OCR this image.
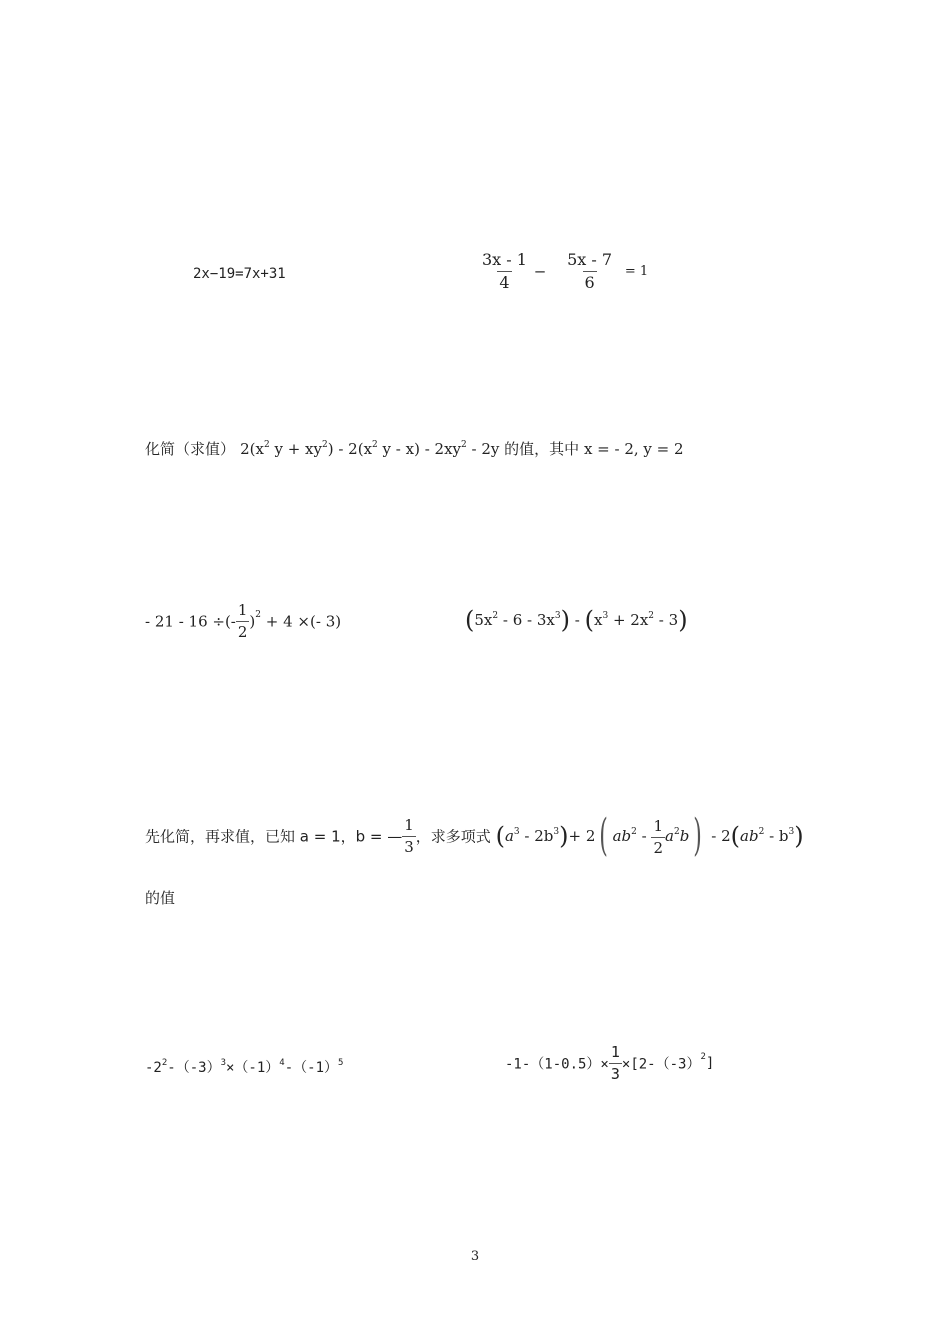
2x−19=7x+31	$\frac{3x - 1}{4} - \frac{5x - 7}{6} = 1$
化简（求值） $2(x^2$ $y + xy^2) - 2(x^2$ y - $x) - 2xy^2 - 2y$ 的值，其中 x = - 2, y = 2
- 21 - 16 ÷(- $\frac{1}{2} )^2 + 4$ ×(- 3)	$(5x^2 - 6 - 3x^3) - (x^3 + 2x^2 - 3)$
先化简，再求值，已知 a = 1，b = — $\frac{1}{3}$ ，求多项式 $(a^3 - 2b^3)+ 2$( $ab^2 - \frac{1}{2} a^2b) - 2(ab^2 - b^3)$
的值
$-2^2-(-3)^3\times(-1)^4-(-1)^5$	$-1-(1-0.5)\times \frac{1}{3} \times[2-(-3)^2]$
3
